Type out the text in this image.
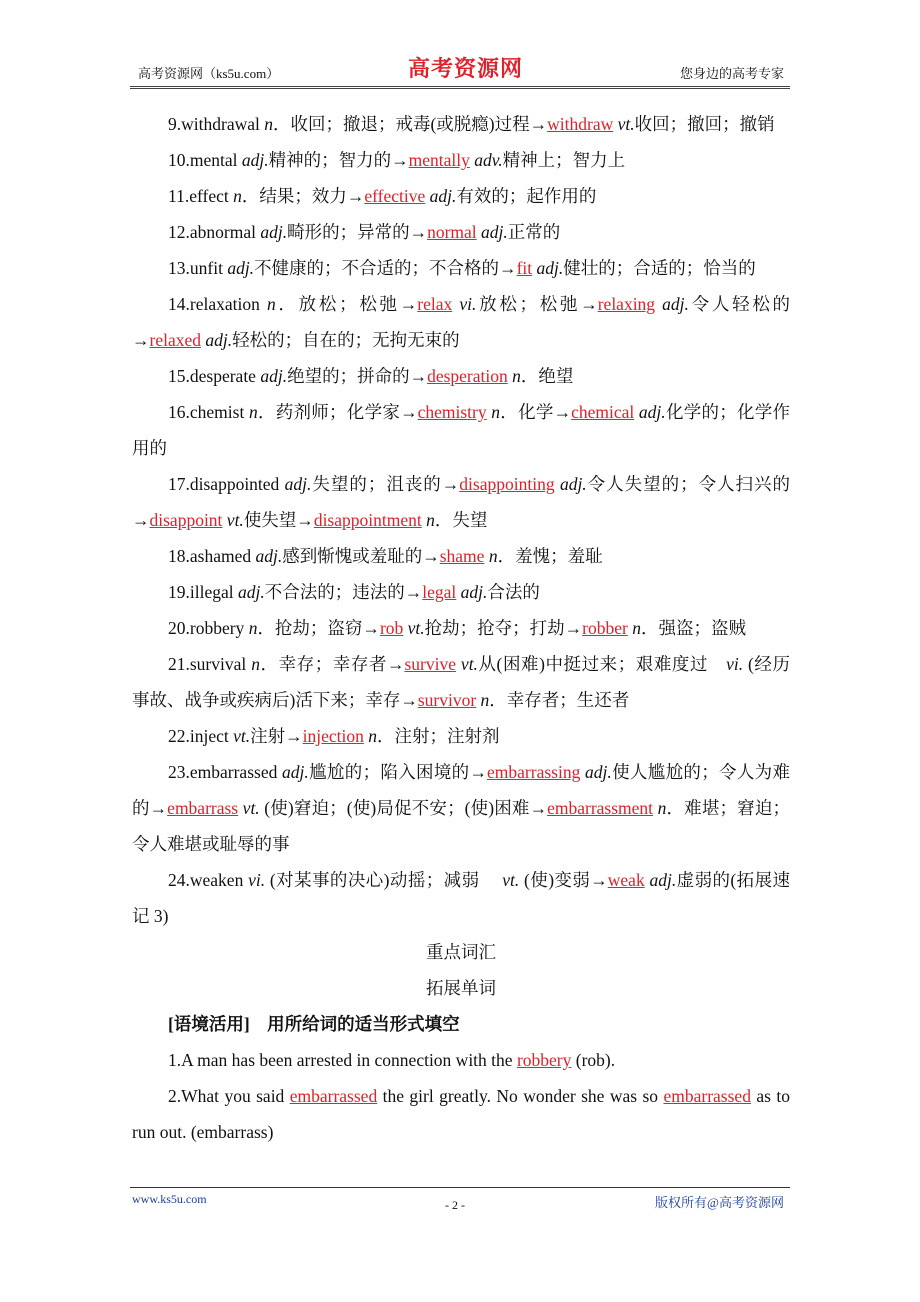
高考资源网（ks5u.com）	高考资源网	您身边的高考专家

9.withdrawal n．收回；撤退；戒毒(或脱瘾)过程→withdraw vt.收回；撤回；撤销

10.mental adj.精神的；智力的→mentally adv.精神上；智力上

11.effect n．结果；效力→effective adj.有效的；起作用的

12.abnormal adj.畸形的；异常的→normal adj.正常的

13.unfit adj.不健康的；不合适的；不合格的→fit adj.健壮的；合适的；恰当的

14.relaxation n．放松；松弛→relax vi.放松；松弛→relaxing adj.令人轻松的→relaxed adj.轻松的；自在的；无拘无束的

15.desperate adj.绝望的；拼命的→desperation n．绝望

16.chemist n．药剂师；化学家→chemistry n．化学→chemical adj.化学的；化学作用的

17.disappointed adj.失望的；沮丧的→disappointing adj.令人失望的；令人扫兴的→disappoint vt.使失望→disappointment n．失望

18.ashamed adj.感到惭愧或羞耻的→shame n．羞愧；羞耻

19.illegal adj.不合法的；违法的→legal adj.合法的

20.robbery n．抢劫；盗窃→rob vt.抢劫；抢夺；打劫→robber n．强盗；盗贼

21.survival n．幸存；幸存者→survive vt.从(困难)中挺过来；艰难度过　vi. (经历事故、战争或疾病后)活下来；幸存→survivor n．幸存者；生还者

22.inject vt.注射→injection n．注射；注射剂

23.embarrassed adj.尴尬的；陷入困境的→embarrassing adj.使人尴尬的；令人为难的→embarrass vt. (使)窘迫；(使)局促不安；(使)困难→embarrassment n．难堪；窘迫；令人难堪或耻辱的事

24.weaken vi. (对某事的决心)动摇；减弱　 vt. (使)变弱→weak adj.虚弱的(拓展速记 3)

重点词汇

拓展单词

[语境活用]　用所给词的适当形式填空

1.A man has been arrested in connection with the robbery (rob).

2.What you said embarrassed the girl greatly. No wonder she was so embarrassed as to run out. (embarrass)

www.ks5u.com	- 2 -	版权所有@高考资源网
